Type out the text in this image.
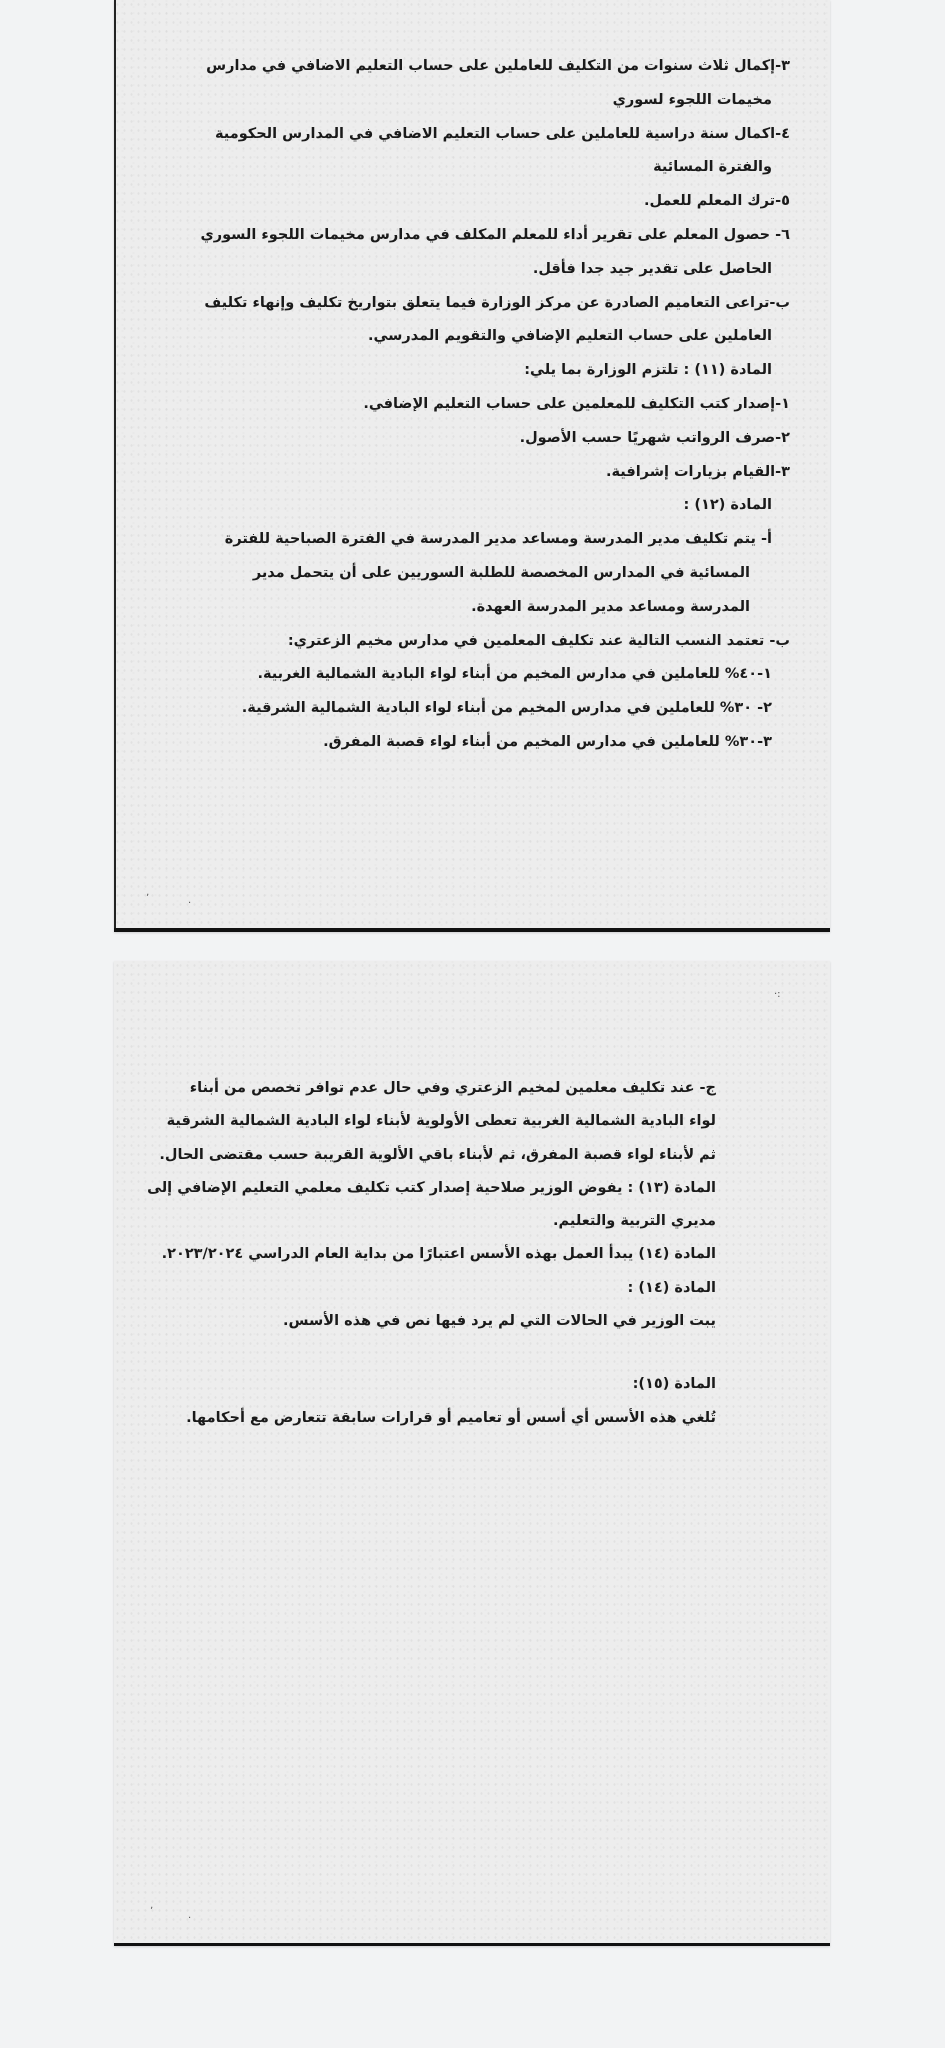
٣-إكمال ثلاث سنوات من التكليف للعاملين على حساب التعليم الاضافي في مدارس
مخيمات اللجوء لسوري
٤-اكمال سنة دراسية للعاملين على حساب التعليم الاضافي في المدارس الحكومية
والفترة المسائية
٥-ترك المعلم للعمل.
٦- حصول المعلم على تقرير أداء للمعلم المكلف في مدارس مخيمات اللجوء السوري
الحاصل على تقدير جيد جدا فأقل.
ب-تراعى التعاميم الصادرة عن مركز الوزارة فيما يتعلق بتواريخ تكليف وإنهاء تكليف
العاملين على حساب التعليم الإضافي والتقويم المدرسي.
المادة (١١) : تلتزم الوزارة بما يلي:
١-إصدار كتب التكليف للمعلمين على حساب التعليم الإضافي.
٢-صرف الرواتب شهريًا حسب الأصول.
٣-القيام بزيارات إشرافية.
المادة (١٢) :
أ- يتم تكليف مدير المدرسة ومساعد مدير المدرسة في الفترة الصباحية للفترة
المسائية في المدارس المخصصة للطلبة السوريين على أن يتحمل مدير
المدرسة ومساعد مدير المدرسة العهدة.
ب- تعتمد النسب التالية عند تكليف المعلمين في مدارس مخيم الزعتري:
١-٤٠% للعاملين في مدارس المخيم من أبناء لواء البادية الشمالية الغربية.
٢- ٣٠% للعاملين في مدارس المخيم من أبناء لواء البادية الشمالية الشرقية.
٣-٣٠% للعاملين في مدارس المخيم من أبناء لواء قصبة المفرق.
ʼ	·
ج- عند تكليف معلمين لمخيم الزعتري وفي حال عدم توافر تخصص من أبناء
لواء البادية الشمالية الغربية تعطى الأولوية لأبناء لواء البادية الشمالية الشرقية
ثم لأبناء لواء قصبة المفرق، ثم لأبناء باقي الألوية القريبة حسب مقتضى الحال.
المادة (١٣) : يفوض الوزير صلاحية إصدار كتب تكليف معلمي التعليم الإضافي إلى
مديري التربية والتعليم.
المادة (١٤) يبدأ العمل بهذه الأسس اعتبارًا من بداية العام الدراسي ٢٠٢٣/٢٠٢٤.
المادة (١٤) :
يبت الوزير في الحالات التي لم يرد فيها نص في هذه الأسس.
المادة (١٥):
تُلغي هذه الأسس أي أسس أو تعاميم أو قرارات سابقة تتعارض مع أحكامها.
·:
ʼ
·
